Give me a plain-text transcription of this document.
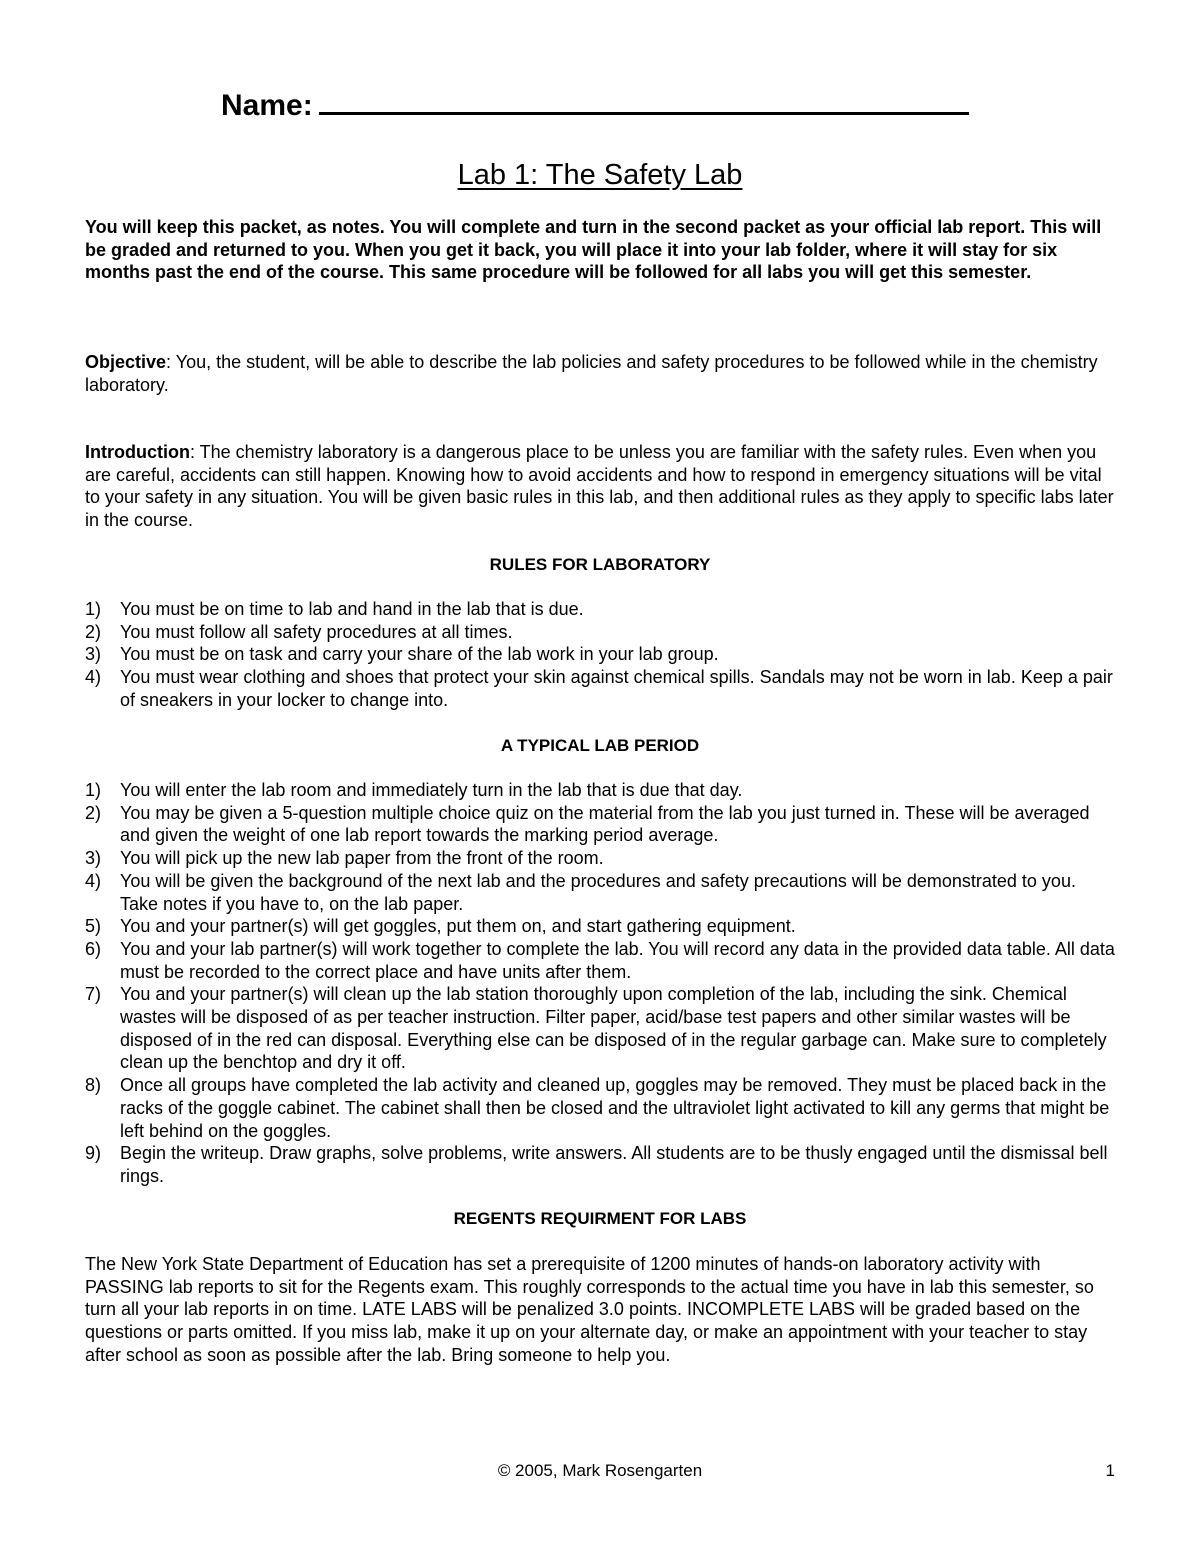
Name:
Lab 1: The Safety Lab
You will keep this packet, as notes. You will complete and turn in the second packet as your official lab report. This will be graded and returned to you. When you get it back, you will place it into your lab folder, where it will stay for six months past the end of the course. This same procedure will be followed for all labs you will get this semester.
Objective: You, the student, will be able to describe the lab policies and safety procedures to be followed while in the chemistry laboratory.
Introduction: The chemistry laboratory is a dangerous place to be unless you are familiar with the safety rules. Even when you are careful, accidents can still happen. Knowing how to avoid accidents and how to respond in emergency situations will be vital to your safety in any situation. You will be given basic rules in this lab, and then additional rules as they apply to specific labs later in the course.
RULES FOR LABORATORY
1) You must be on time to lab and hand in the lab that is due.
2) You must follow all safety procedures at all times.
3) You must be on task and carry your share of the lab work in your lab group.
4) You must wear clothing and shoes that protect your skin against chemical spills. Sandals may not be worn in lab. Keep a pair of sneakers in your locker to change into.
A TYPICAL LAB PERIOD
1) You will enter the lab room and immediately turn in the lab that is due that day.
2) You may be given a 5-question multiple choice quiz on the material from the lab you just turned in. These will be averaged and given the weight of one lab report towards the marking period average.
3) You will pick up the new lab paper from the front of the room.
4) You will be given the background of the next lab and the procedures and safety precautions will be demonstrated to you. Take notes if you have to, on the lab paper.
5) You and your partner(s) will get goggles, put them on, and start gathering equipment.
6) You and your lab partner(s) will work together to complete the lab. You will record any data in the provided data table. All data must be recorded to the correct place and have units after them.
7) You and your partner(s) will clean up the lab station thoroughly upon completion of the lab, including the sink. Chemical wastes will be disposed of as per teacher instruction. Filter paper, acid/base test papers and other similar wastes will be disposed of in the red can disposal. Everything else can be disposed of in the regular garbage can. Make sure to completely clean up the benchtop and dry it off.
8) Once all groups have completed the lab activity and cleaned up, goggles may be removed. They must be placed back in the racks of the goggle cabinet. The cabinet shall then be closed and the ultraviolet light activated to kill any germs that might be left behind on the goggles.
9) Begin the writeup. Draw graphs, solve problems, write answers. All students are to be thusly engaged until the dismissal bell rings.
REGENTS REQUIRMENT FOR LABS
The New York State Department of Education has set a prerequisite of 1200 minutes of hands-on laboratory activity with PASSING lab reports to sit for the Regents exam. This roughly corresponds to the actual time you have in lab this semester, so turn all your lab reports in on time. LATE LABS will be penalized 3.0 points. INCOMPLETE LABS will be graded based on the questions or parts omitted. If you miss lab, make it up on your alternate day, or make an appointment with your teacher to stay after school as soon as possible after the lab. Bring someone to help you.
© 2005, Mark Rosengarten	1
